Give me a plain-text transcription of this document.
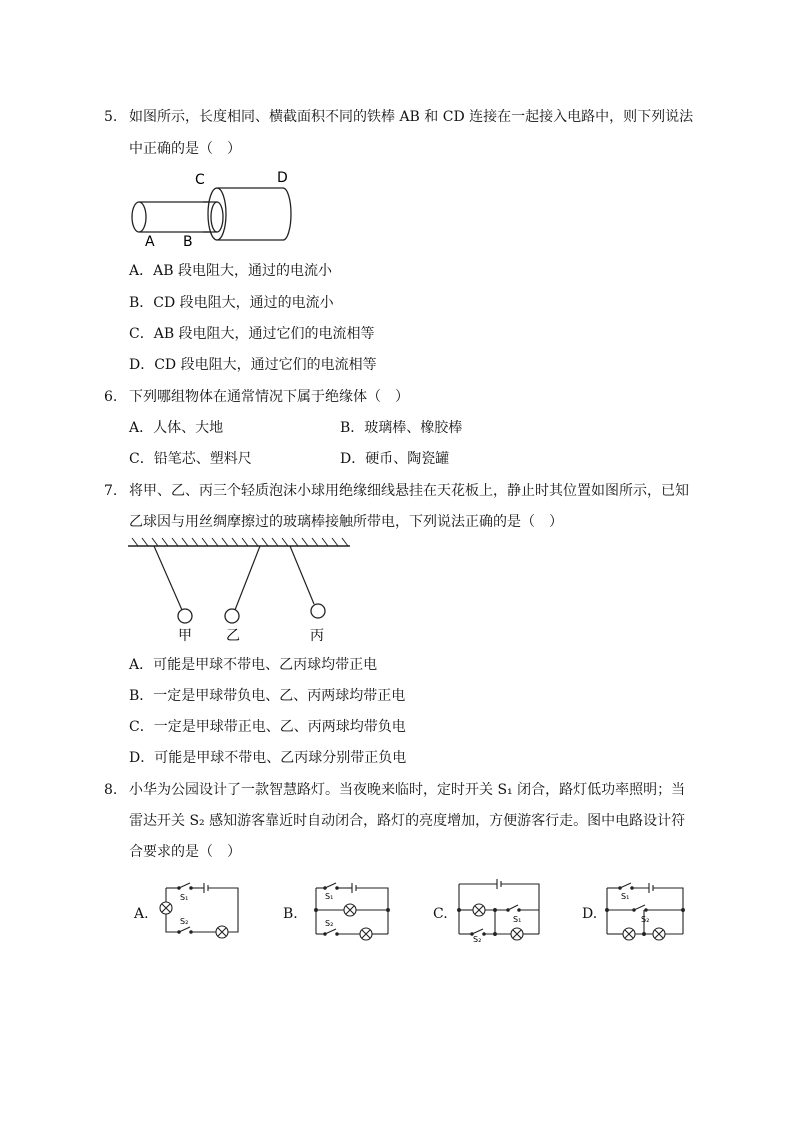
5. 如图所示，长度相同、横截面积不同的铁棒 AB 和 CD 连接在一起接入电路中，则下列说法
中正确的是（　）
A B
C	D
A．AB 段电阻大，通过的电流小
B．CD 段电阻大，通过的电流小
C．AB 段电阻大，通过它们的电流相等
D．CD 段电阻大，通过它们的电流相等
6. 下列哪组物体在通常情况下属于绝缘体（　）
A．人体、大地	B．玻璃棒、橡胶棒
C．铅笔芯、塑料尺	D．硬币、陶瓷罐
7. 将甲、乙、丙三个轻质泡沫小球用绝缘细线悬挂在天花板上，静止时其位置如图所示，已知
乙球因与用丝绸摩擦过的玻璃棒接触所带电，下列说法正确的是（　）
甲 乙	丙
A．可能是甲球不带电、乙丙球均带正电
B．一定是甲球带负电、乙、丙两球均带正电
C．一定是甲球带正电、乙、丙两球均带负电
D．可能是甲球不带电、乙丙球分别带正负电
8. 小华为公园设计了一款智慧路灯。当夜晚来临时，定时开关 S₁ 闭合，路灯低功率照明；当
雷达开关 S₂ 感知游客靠近时自动闭合，路灯的亮度增加，方便游客行走。图中电路设计符
合要求的是（　）
A.
S₁
S₂	B.
S₁
S₂
C.	S₁
S₂
D.
S₁
S₂
